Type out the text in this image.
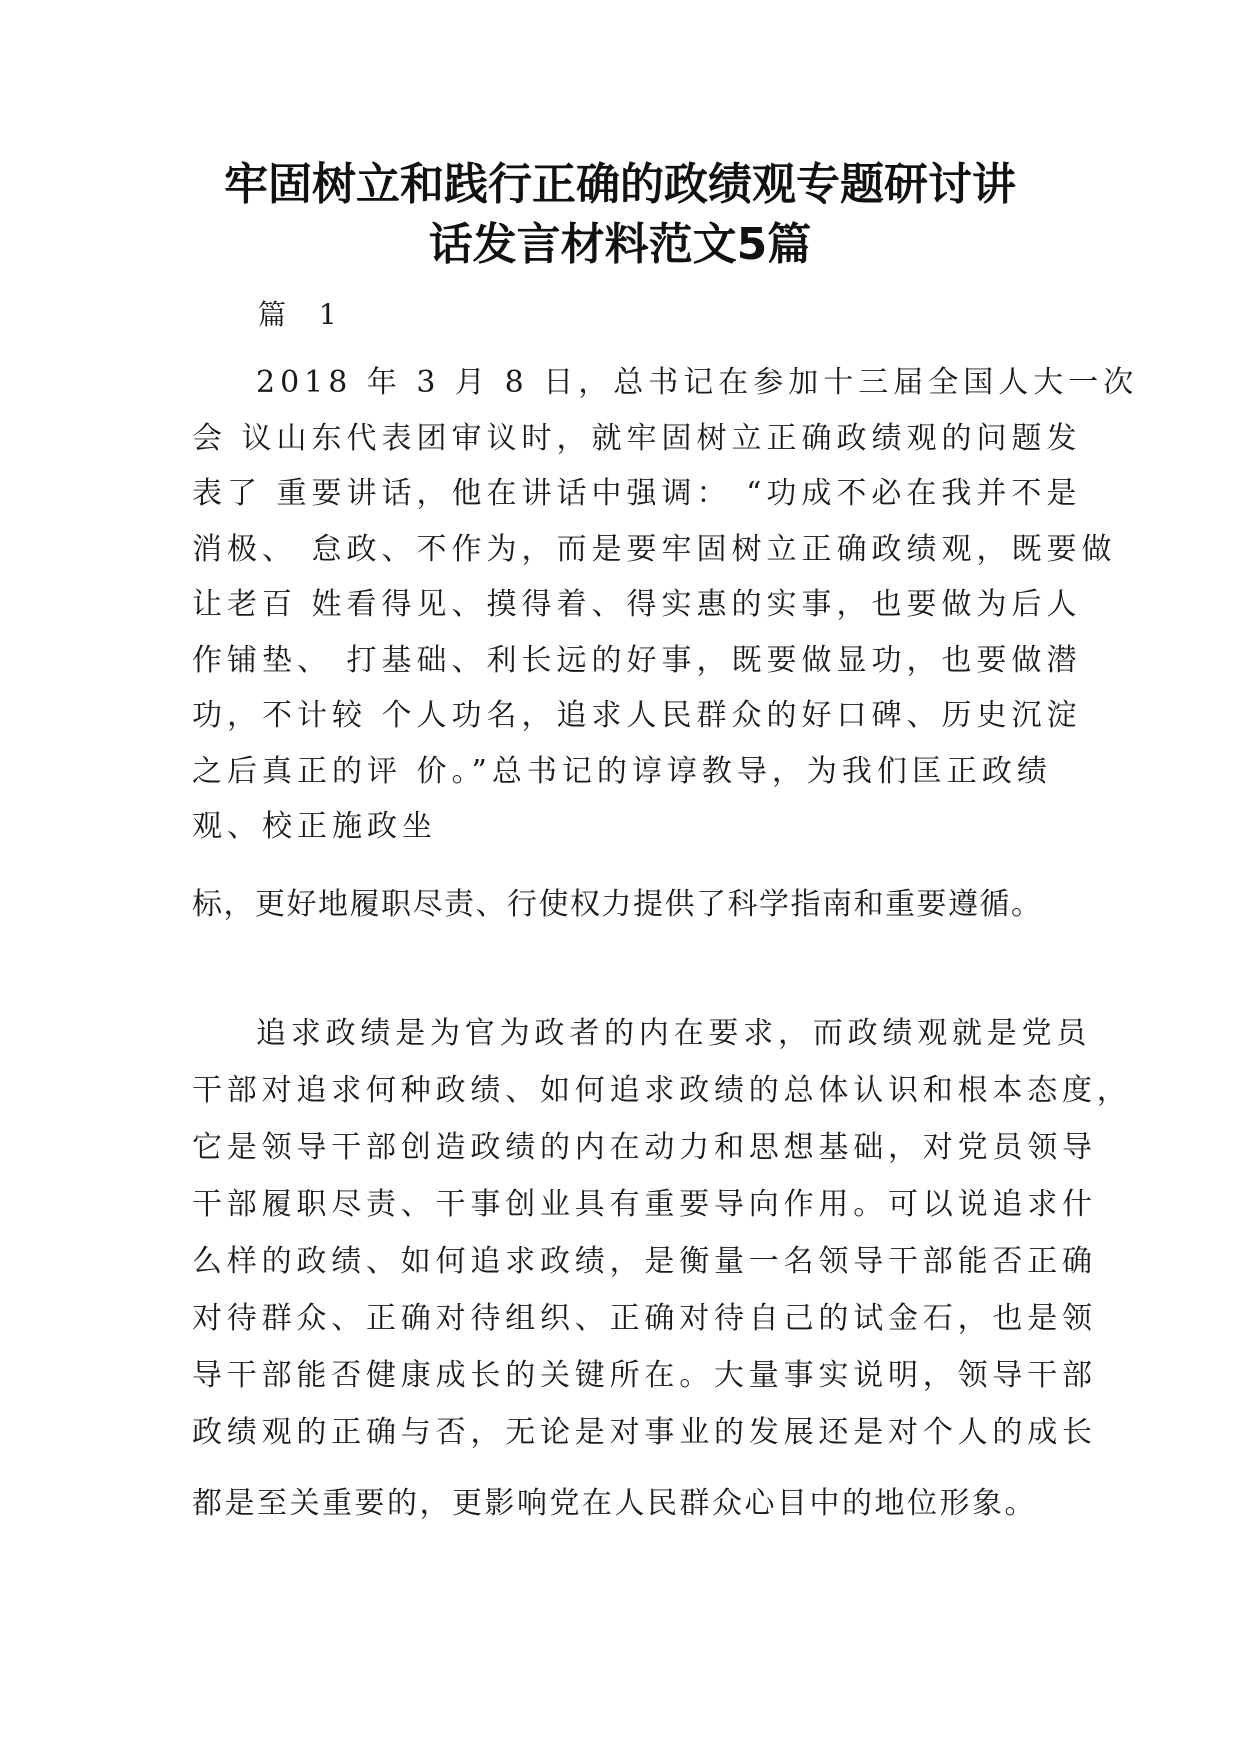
牢固树立和践行正确的政绩观专题研讨讲
话发言材料范文5篇

篇 1

2018 年 3 月 8 日，总书记在参加十三届全国人大一次

会 议山东代表团审议时，就牢固树立正确政绩观的问题发

表了 重要讲话，他在讲话中强调： “功成不必在我并不是

消极、 怠政、不作为，而是要牢固树立正确政绩观，既要做

让老百 姓看得见、摸得着、得实惠的实事，也要做为后人

作铺垫、 打基础、利长远的好事，既要做显功，也要做潜

功，不计较 个人功名，追求人民群众的好口碑、历史沉淀

之后真正的评 价。”总书记的谆谆教导，为我们匡正政绩

观、校正施政坐

标，更好地履职尽责、行使权力提供了科学指南和重要遵循。

追求政绩是为官为政者的内在要求，而政绩观就是党员

干部对追求何种政绩、如何追求政绩的总体认识和根本态度，

它是领导干部创造政绩的内在动力和思想基础，对党员领导

干部履职尽责、干事创业具有重要导向作用。可以说追求什

么样的政绩、如何追求政绩，是衡量一名领导干部能否正确

对待群众、正确对待组织、正确对待自己的试金石，也是领

导干部能否健康成长的关键所在。大量事实说明，领导干部

政绩观的正确与否，无论是对事业的发展还是对个人的成长

都是至关重要的，更影响党在人民群众心目中的地位形象。
